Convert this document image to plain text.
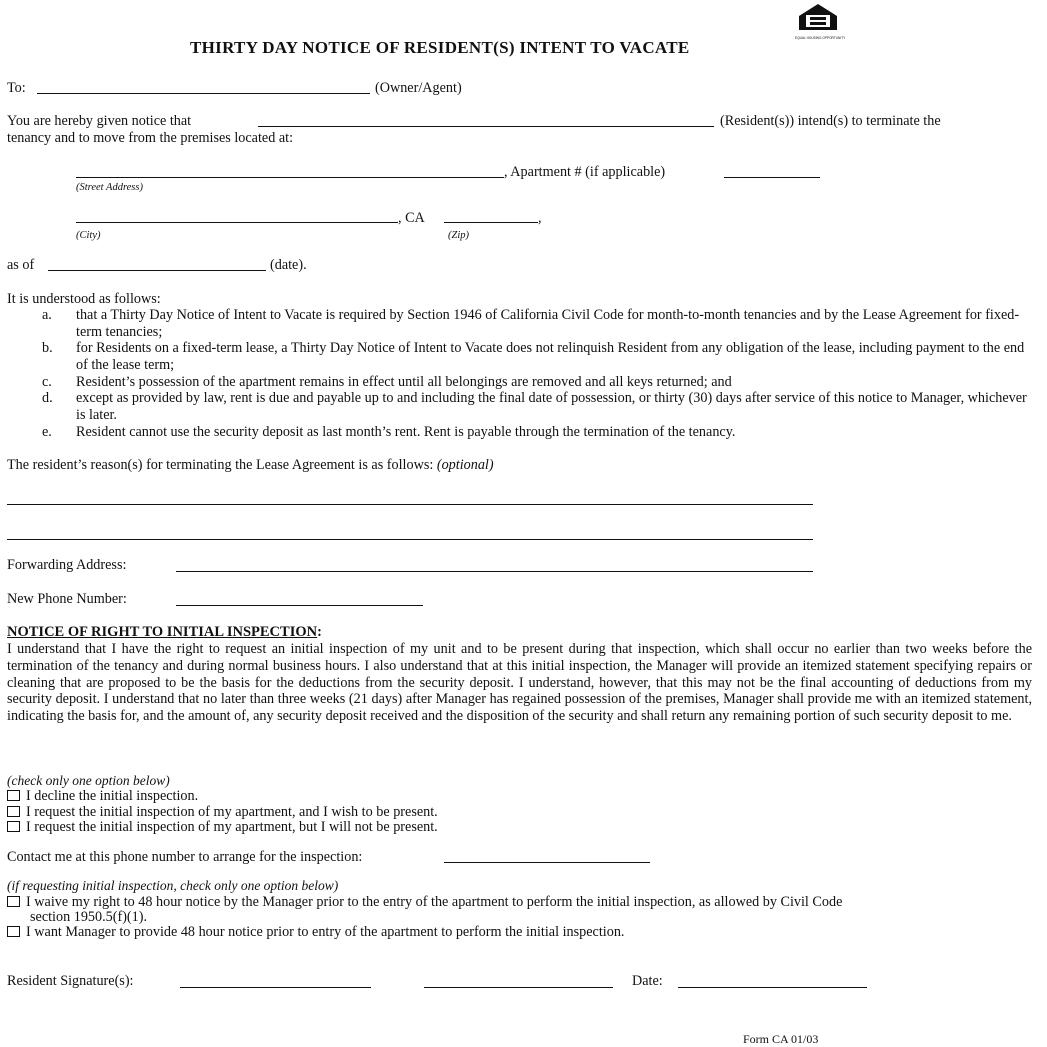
EQUAL HOUSING OPPORTUNITY
THIRTY DAY NOTICE OF RESIDENT(S) INTENT TO VACATE
To:	(Owner/Agent)
You are hereby given notice that	(Resident(s)) intend(s) to terminate the
tenancy and to move from the premises located at:
, Apartment # (if applicable)
(Street Address)
, CA	,
(City)	(Zip)
as of	(date).
It is understood as follows:
a. that a Thirty Day Notice of Intent to Vacate is required by Section 1946 of California Civil Code for month-to-month tenancies and by the Lease Agreement for fixed-term tenancies;
b. for Residents on a fixed-term lease, a Thirty Day Notice of Intent to Vacate does not relinquish Resident from any obligation of the lease, including payment to the end of the lease term;
c. Resident’s possession of the apartment remains in effect until all belongings are removed and all keys returned; and
d. except as provided by law, rent is due and payable up to and including the final date of possession, or thirty (30) days after service of this notice to Manager, whichever is later.
e. Resident cannot use the security deposit as last month’s rent. Rent is payable through the termination of the tenancy.
The resident’s reason(s) for terminating the Lease Agreement is as follows: (optional)
Forwarding Address:
New Phone Number:
NOTICE OF RIGHT TO INITIAL INSPECTION:
I understand that I have the right to request an initial inspection of my unit and to be present during that inspection, which shall occur no earlier than two weeks before the termination of the tenancy and during normal business hours. I also understand that at this initial inspection, the Manager will provide an itemized statement specifying repairs or cleaning that are proposed to be the basis for the deductions from the security deposit. I understand, however, that this may not be the final accounting of deductions from my security deposit. I understand that no later than three weeks (21 days) after Manager has regained possession of the premises, Manager shall provide me with an itemized statement, indicating the basis for, and the amount of, any security deposit received and the disposition of the security and shall return any remaining portion of such security deposit to me.
(check only one option below)
I decline the initial inspection.
I request the initial inspection of my apartment, and I wish to be present.
I request the initial inspection of my apartment, but I will not be present.
Contact me at this phone number to arrange for the inspection:
(if requesting initial inspection, check only one option below)
I waive my right to 48 hour notice by the Manager prior to the entry of the apartment to perform the initial inspection, as allowed by Civil Code
section 1950.5(f)(1).
I want Manager to provide 48 hour notice prior to entry of the apartment to perform the initial inspection.
Resident Signature(s):	Date:
Form CA 01/03
